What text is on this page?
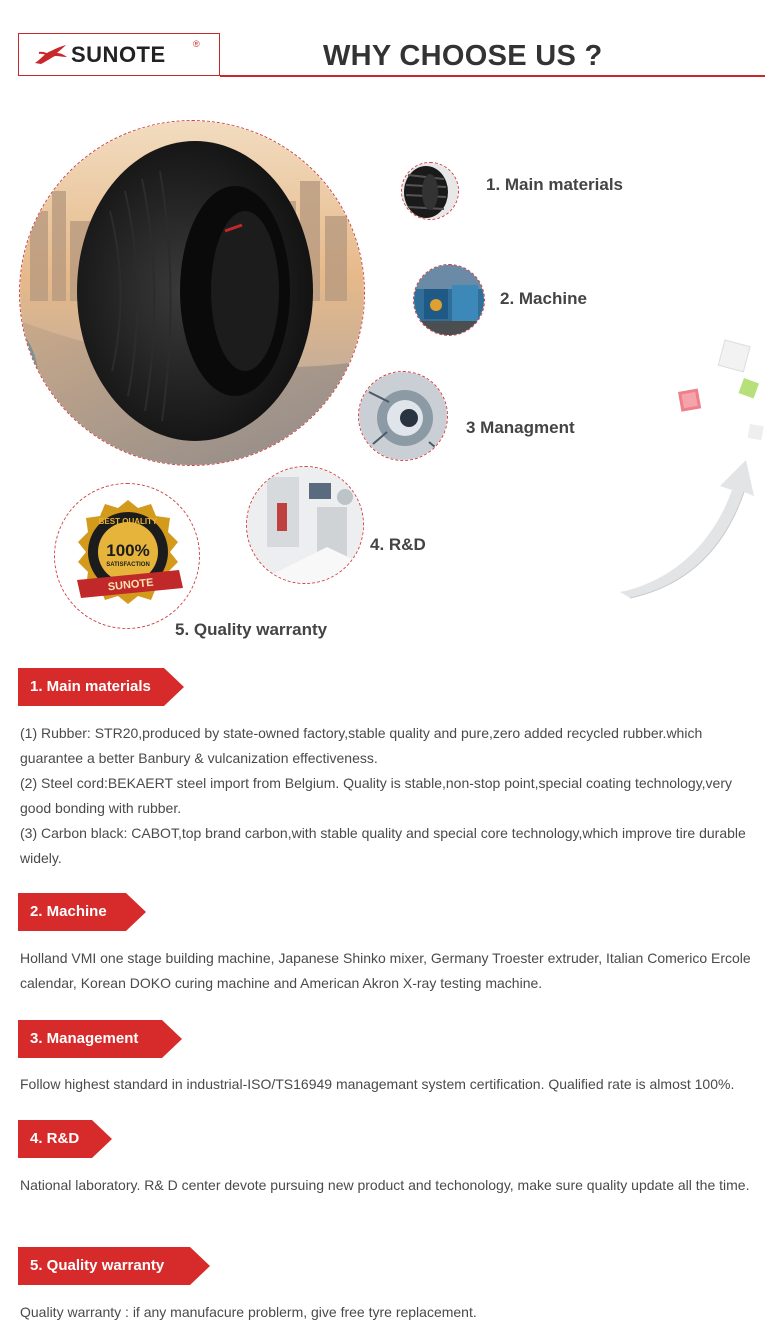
SUNOTE	®	WHY CHOOSE US ?
1. Main materials
2. Machine
3 Managment
4. R&D
BEST QUALITY
100%
SATISFACTION
SUNOTE
5. Quality warranty
1. Main materials

(1) Rubber: STR20,produced by state-owned factory,stable quality and pure,zero added recycled rubber.which guarantee a better Banbury & vulcanization effectiveness.

(2) Steel cord:BEKAERT steel import from Belgium. Quality is stable,non-stop point,special coating technology,very good bonding with rubber.

(3) Carbon black: CABOT,top brand carbon,with stable quality and special core technology,which improve tire durable widely.

2. Machine

Holland VMI one stage building machine, Japanese Shinko mixer, Germany Troester extruder, Italian Comerico Ercole calendar, Korean DOKO curing machine and American Akron X-ray testing machine.

3. Management

Follow highest standard in industrial-ISO/TS16949 managemant system certification. Qualified rate is almost 100%.

4. R&D

National laboratory. R& D center devote pursuing new product and techonology, make sure quality update all the time.

5. Quality warranty

Quality warranty : if any manufacure problerm, give free tyre replacement.
